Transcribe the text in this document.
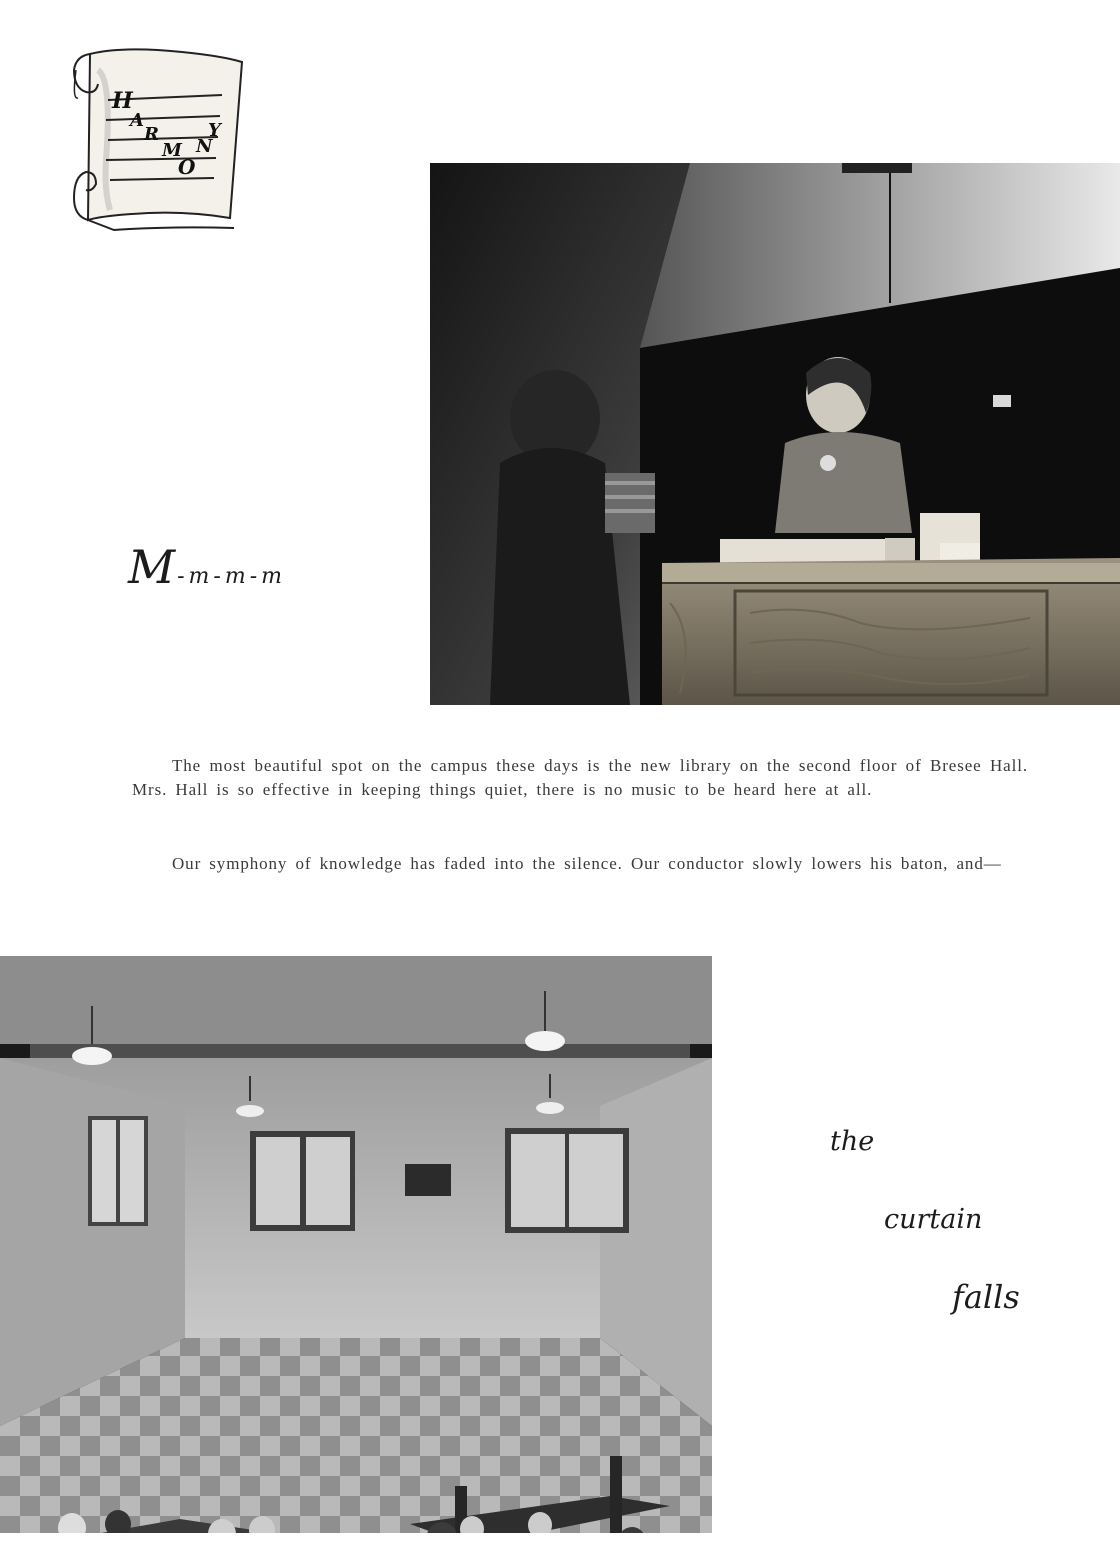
H
A
R
M
O
N
Y
M-m-m-m

The most beautiful spot on the campus these days is the new library on the second floor of Bresee Hall. Mrs. Hall is so effective in keeping things quiet, there is no music to be heard here at all.

Our symphony of knowledge has faded into the silence. Our conductor slowly lowers his baton, and—

the
curtain
falls
